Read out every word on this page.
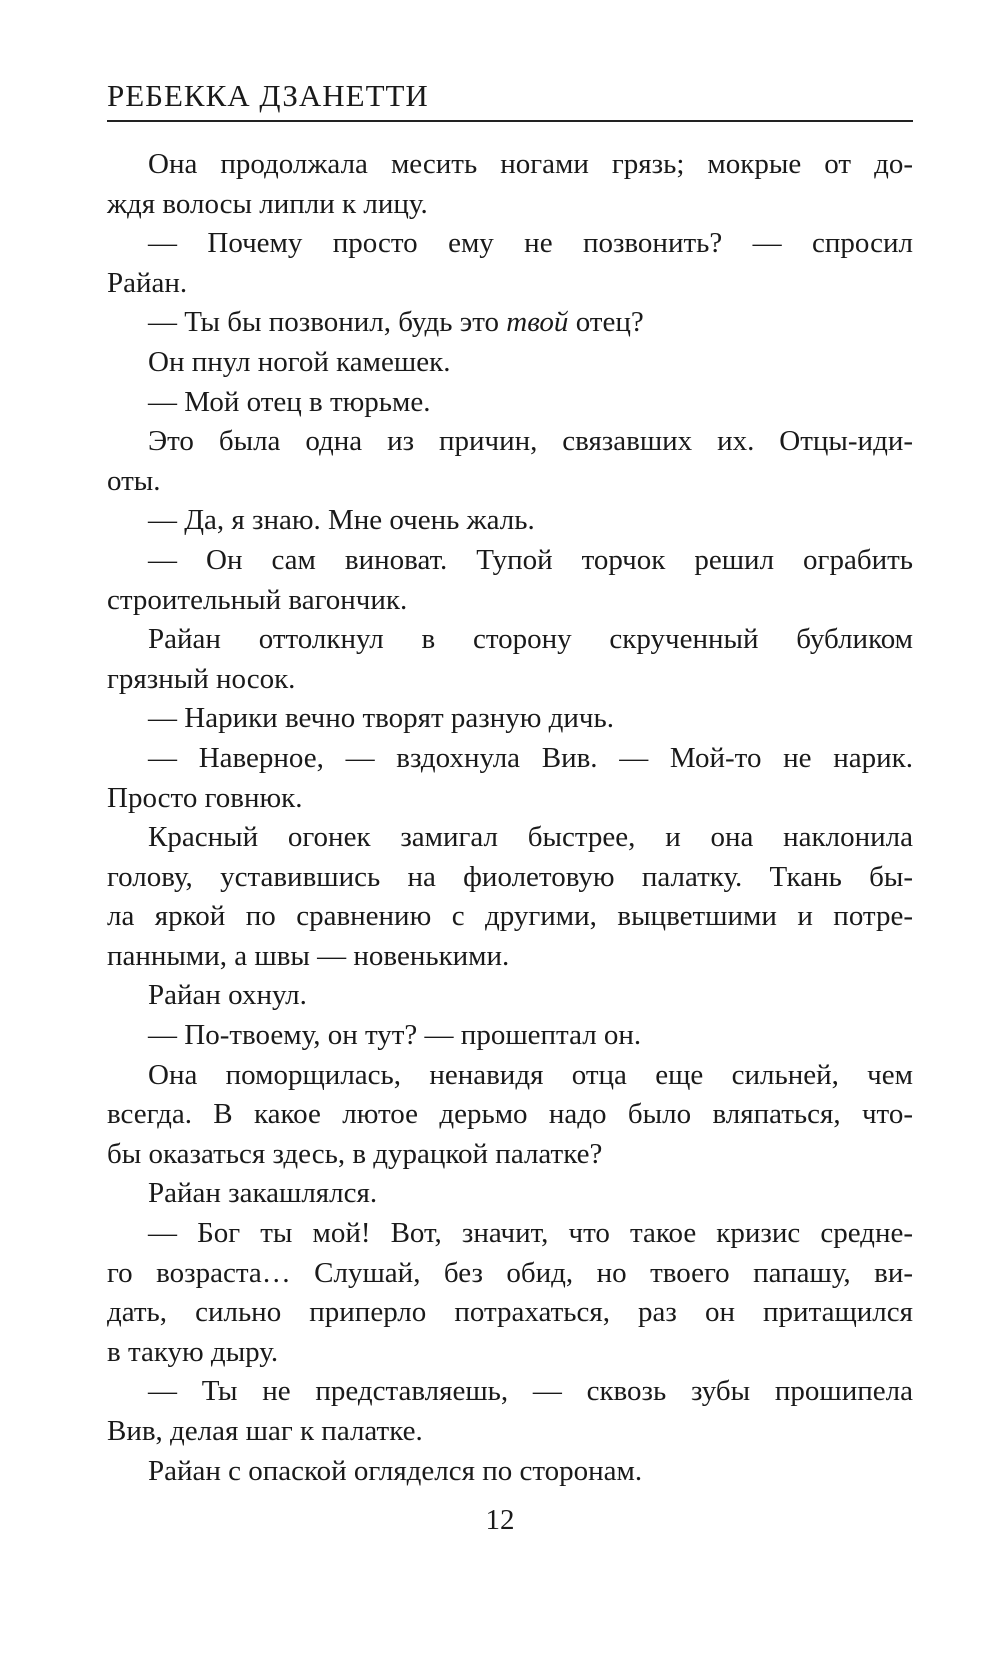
РЕБЕККА ДЗАНЕТТИ
Она продолжала месить ногами грязь; мокрые от до-
ждя волосы липли к лицу.
— Почему просто ему не позвонить? — спросил
Райан.
— Ты бы позвонил, будь это твой отец?
Он пнул ногой камешек.
— Мой отец в тюрьме.
Это была одна из причин, связавших их. Отцы-иди-
оты.
— Да, я знаю. Мне очень жаль.
— Он сам виноват. Тупой торчок решил ограбить
строительный вагончик.
Райан оттолкнул в сторону скрученный бубликом
грязный носок.
— Нарики вечно творят разную дичь.
— Наверное, — вздохнула Вив. — Мой-то не нарик.
Просто говнюк.
Красный огонек замигал быстрее, и она наклонила
голову, уставившись на фиолетовую палатку. Ткань бы-
ла яркой по сравнению с другими, выцветшими и потре-
панными, а швы — новенькими.
Райан охнул.
— По-твоему, он тут? — прошептал он.
Она поморщилась, ненавидя отца еще сильней, чем
всегда. В какое лютое дерьмо надо было вляпаться, что-
бы оказаться здесь, в дурацкой палатке?
Райан закашлялся.
— Бог ты мой! Вот, значит, что такое кризис средне-
го возраста… Слушай, без обид, но твоего папашу, ви-
дать, сильно приперло потрахаться, раз он притащился
в такую дыру.
— Ты не представляешь, — сквозь зубы прошипела
Вив, делая шаг к палатке.
Райан с опаской огляделся по сторонам.
12
